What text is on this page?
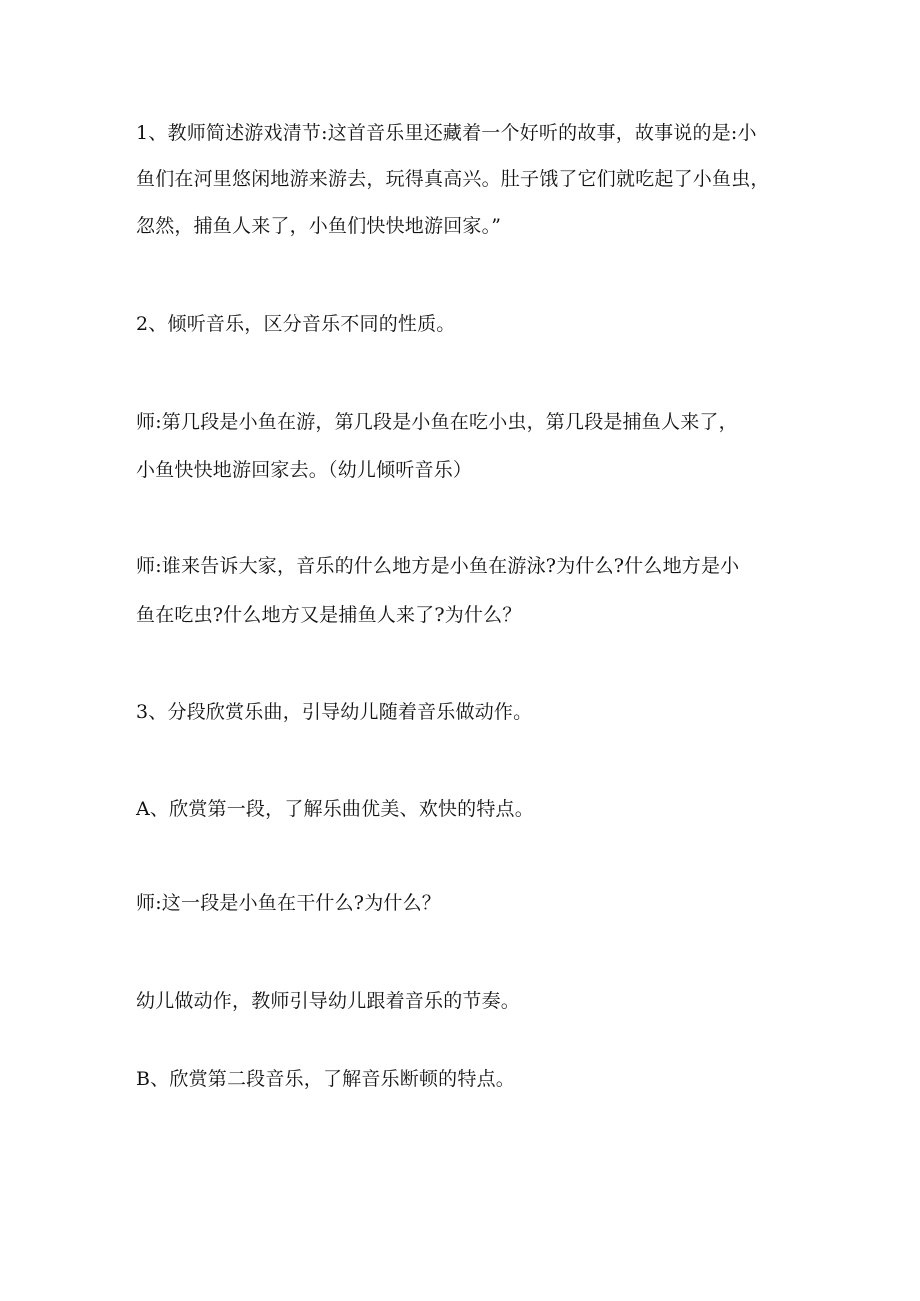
1、教师简述游戏清节:这首音乐里还藏着一个好听的故事，故事说的是:小
鱼们在河里悠闲地游来游去，玩得真高兴。肚子饿了它们就吃起了小鱼虫，
忽然，捕鱼人来了，小鱼们快快地游回家。”
2、倾听音乐，区分音乐不同的性质。
师:第几段是小鱼在游，第几段是小鱼在吃小虫，第几段是捕鱼人来了，
小鱼快快地游回家去。（幼儿倾听音乐）
师:谁来告诉大家，音乐的什么地方是小鱼在游泳?为什么?什么地方是小
鱼在吃虫?什么地方又是捕鱼人来了?为什么？
3、分段欣赏乐曲，引导幼儿随着音乐做动作。
A、欣赏第一段，了解乐曲优美、欢快的特点。
师:这一段是小鱼在干什么?为什么？
幼儿做动作，教师引导幼儿跟着音乐的节奏。
B、欣赏第二段音乐，了解音乐断顿的特点。
